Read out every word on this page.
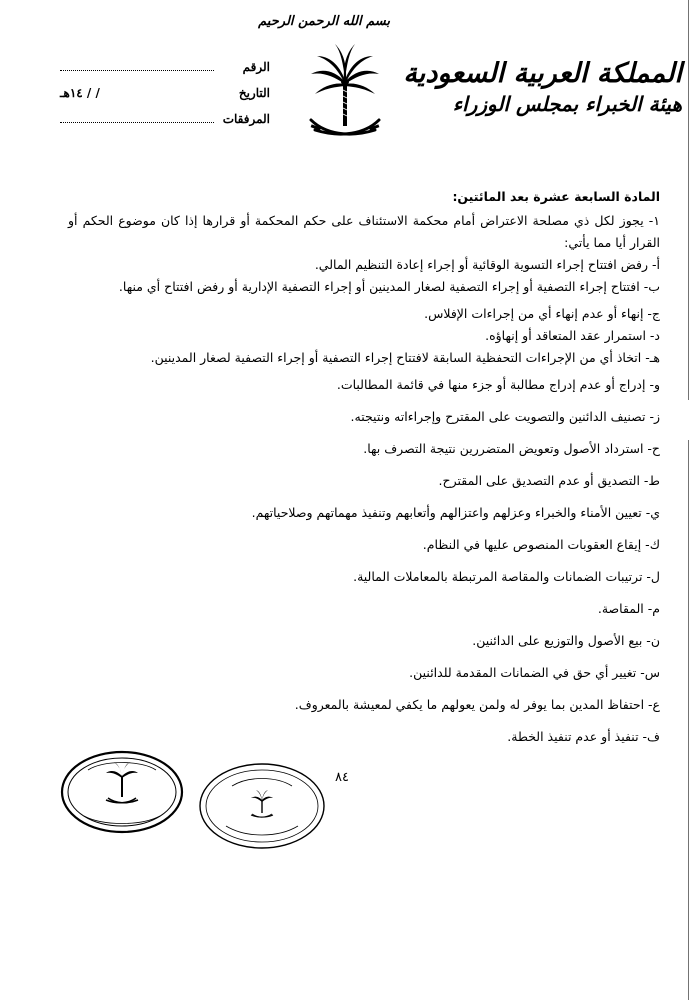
المملكة العربية السعودية
هيئة الخبراء بمجلس الوزراء
بسم الله الرحمن الرحيم
الرقم
التاريخ
/ / ١٤هـ
المرفقات
المادة السابعة عشرة بعد المائتين:

١- يجوز لكل ذي مصلحة الاعتراض أمام محكمة الاستئناف على حكم المحكمة أو قرارها إذا كان موضوع الحكم أو القرار أيا مما يأتي:

أ- رفض افتتاح إجراء التسوية الوقائية أو إجراء إعادة التنظيم المالي.
ب- افتتاح إجراء التصفية أو إجراء التصفية لصغار المدينين أو إجراء التصفية الإدارية أو رفض افتتاح أي منها.
ج- إنهاء أو عدم إنهاء أي من إجراءات الإفلاس.
د- استمرار عقد المتعاقد أو إنهاؤه.
هـ- اتخاذ أي من الإجراءات التحفظية السابقة لافتتاح إجراء التصفية أو إجراء التصفية لصغار المدينين.
و- إدراج أو عدم إدراج مطالبة أو جزء منها في قائمة المطالبات.
ز- تصنيف الدائنين والتصويت على المقترح وإجراءاته ونتيجته.
ح- استرداد الأصول وتعويض المتضررين نتيجة التصرف بها.
ط- التصديق أو عدم التصديق على المقترح.
ي- تعيين الأمناء والخبراء وعزلهم واعتزالهم وأتعابهم وتنفيذ مهماتهم وصلاحياتهم.
ك- إيقاع العقوبات المنصوص عليها في النظام.
ل- ترتيبات الضمانات والمقاصة المرتبطة بالمعاملات المالية.
م- المقاصة.
ن- بيع الأصول والتوزيع على الدائنين.
س- تغيير أي حق في الضمانات المقدمة للدائنين.
ع- احتفاظ المدين بما يوفر له ولمن يعولهم ما يكفي لمعيشة بالمعروف.
ف- تنفيذ أو عدم تنفيذ الخطة.
٨٤
